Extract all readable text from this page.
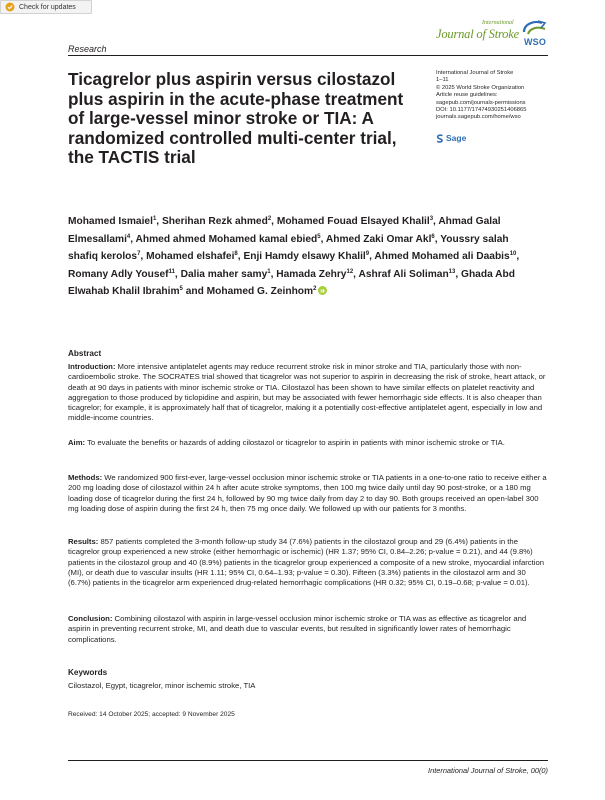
Check for updates
Research
International
Journal of Stroke
WSO
Ticagrelor plus aspirin versus cilostazol plus aspirin in the acute-phase treatment of large-vessel minor stroke or TIA: A randomized controlled multi-center trial, the TACTIS trial
International Journal of Stroke
1–11
© 2025 World Stroke Organization
Article reuse guidelines:
sagepub.com/journals-permissions
DOI: 10.1177/17474930251406865
journals.sagepub.com/home/wso
Sage
Mohamed Ismaiel$^1$, Sherihan Rezk ahmed$^2$, Mohamed Fouad Elsayed Khalil$^3$, Ahmad Galal Elmesallami$^4$, Ahmed ahmed Mohamed kamal ebied$^5$, Ahmed Zaki Omar Akl$^6$, Youssry salah shafiq kerolos$^7$, Mohamed elshafei$^8$, Enji Hamdy elsawy Khalil$^9$, Ahmed Mohamed ali Daabis$^{10}$, Romany Adly Yousef$^{11}$, Dalia maher samy$^1$, Hamada Zehry$^{12}$, Ashraf Ali Soliman$^{13}$, Ghada Abd Elwahab Khalil Ibrahim$^5$ and Mohamed G. Zeinhom$^2$
Abstract
Introduction: More intensive antiplatelet agents may reduce recurrent stroke risk in minor stroke and TIA, particularly those with non-cardioembolic stroke. The SOCRATES trial showed that ticagrelor was not superior to aspirin in decreasing the risk of stroke, heart attack, or death at 90 days in patients with minor ischemic stroke or TIA. Cilostazol has been shown to have similar effects on platelet reactivity and aggregation to those produced by ticlopidine and aspirin, but may be associated with fewer hemorrhagic side effects. It is also cheaper than ticagrelor; for example, it is approximately half that of ticagrelor, making it a potentially cost-effective antiplatelet agent, especially in low and middle-income countries.
Aim: To evaluate the benefits or hazards of adding cilostazol or ticagrelor to aspirin in patients with minor ischemic stroke or TIA.
Methods: We randomized 900 first-ever, large-vessel occlusion minor ischemic stroke or TIA patients in a one-to-one ratio to receive either a 200 mg loading dose of cilostazol within 24 h after acute stroke symptoms, then 100 mg twice daily until day 90 post-stroke, or a 180 mg loading dose of ticagrelor during the first 24 h, followed by 90 mg twice daily from day 2 to day 90. Both groups received an open-label 300 mg loading dose of aspirin during the first 24 h, then 75 mg once daily. We followed up with our patients for 3 months.
Results: 857 patients completed the 3-month follow-up study 34 (7.6%) patients in the cilostazol group and 29 (6.4%) patients in the ticagrelor group experienced a new stroke (either hemorrhagic or ischemic) (HR 1.37; 95% CI, 0.84–2.26; p-value = 0.21), and 44 (9.8%) patients in the cilostazol group and 40 (8.9%) patients in the ticagrelor group experienced a composite of a new stroke, myocardial infarction (MI), or death due to vascular insults (HR 1.11; 95% CI, 0.64–1.93; p-value = 0.30). Fifteen (3.3%) patients in the cilostazol arm and 30 (6.7%) patients in the ticagrelor arm experienced drug-related hemorrhagic complications (HR 0.32; 95% CI, 0.19–0.68; p-value = 0.01).
Conclusion: Combining cilostazol with aspirin in large-vessel occlusion minor ischemic stroke or TIA was as effective as ticagrelor and aspirin in preventing recurrent stroke, MI, and death due to vascular events, but resulted in significantly lower rates of hemorrhagic complications.
Keywords
Cilostazol, Egypt, ticagrelor, minor ischemic stroke, TIA
Received: 14 October 2025; accepted: 9 November 2025
International Journal of Stroke, 00(0)
